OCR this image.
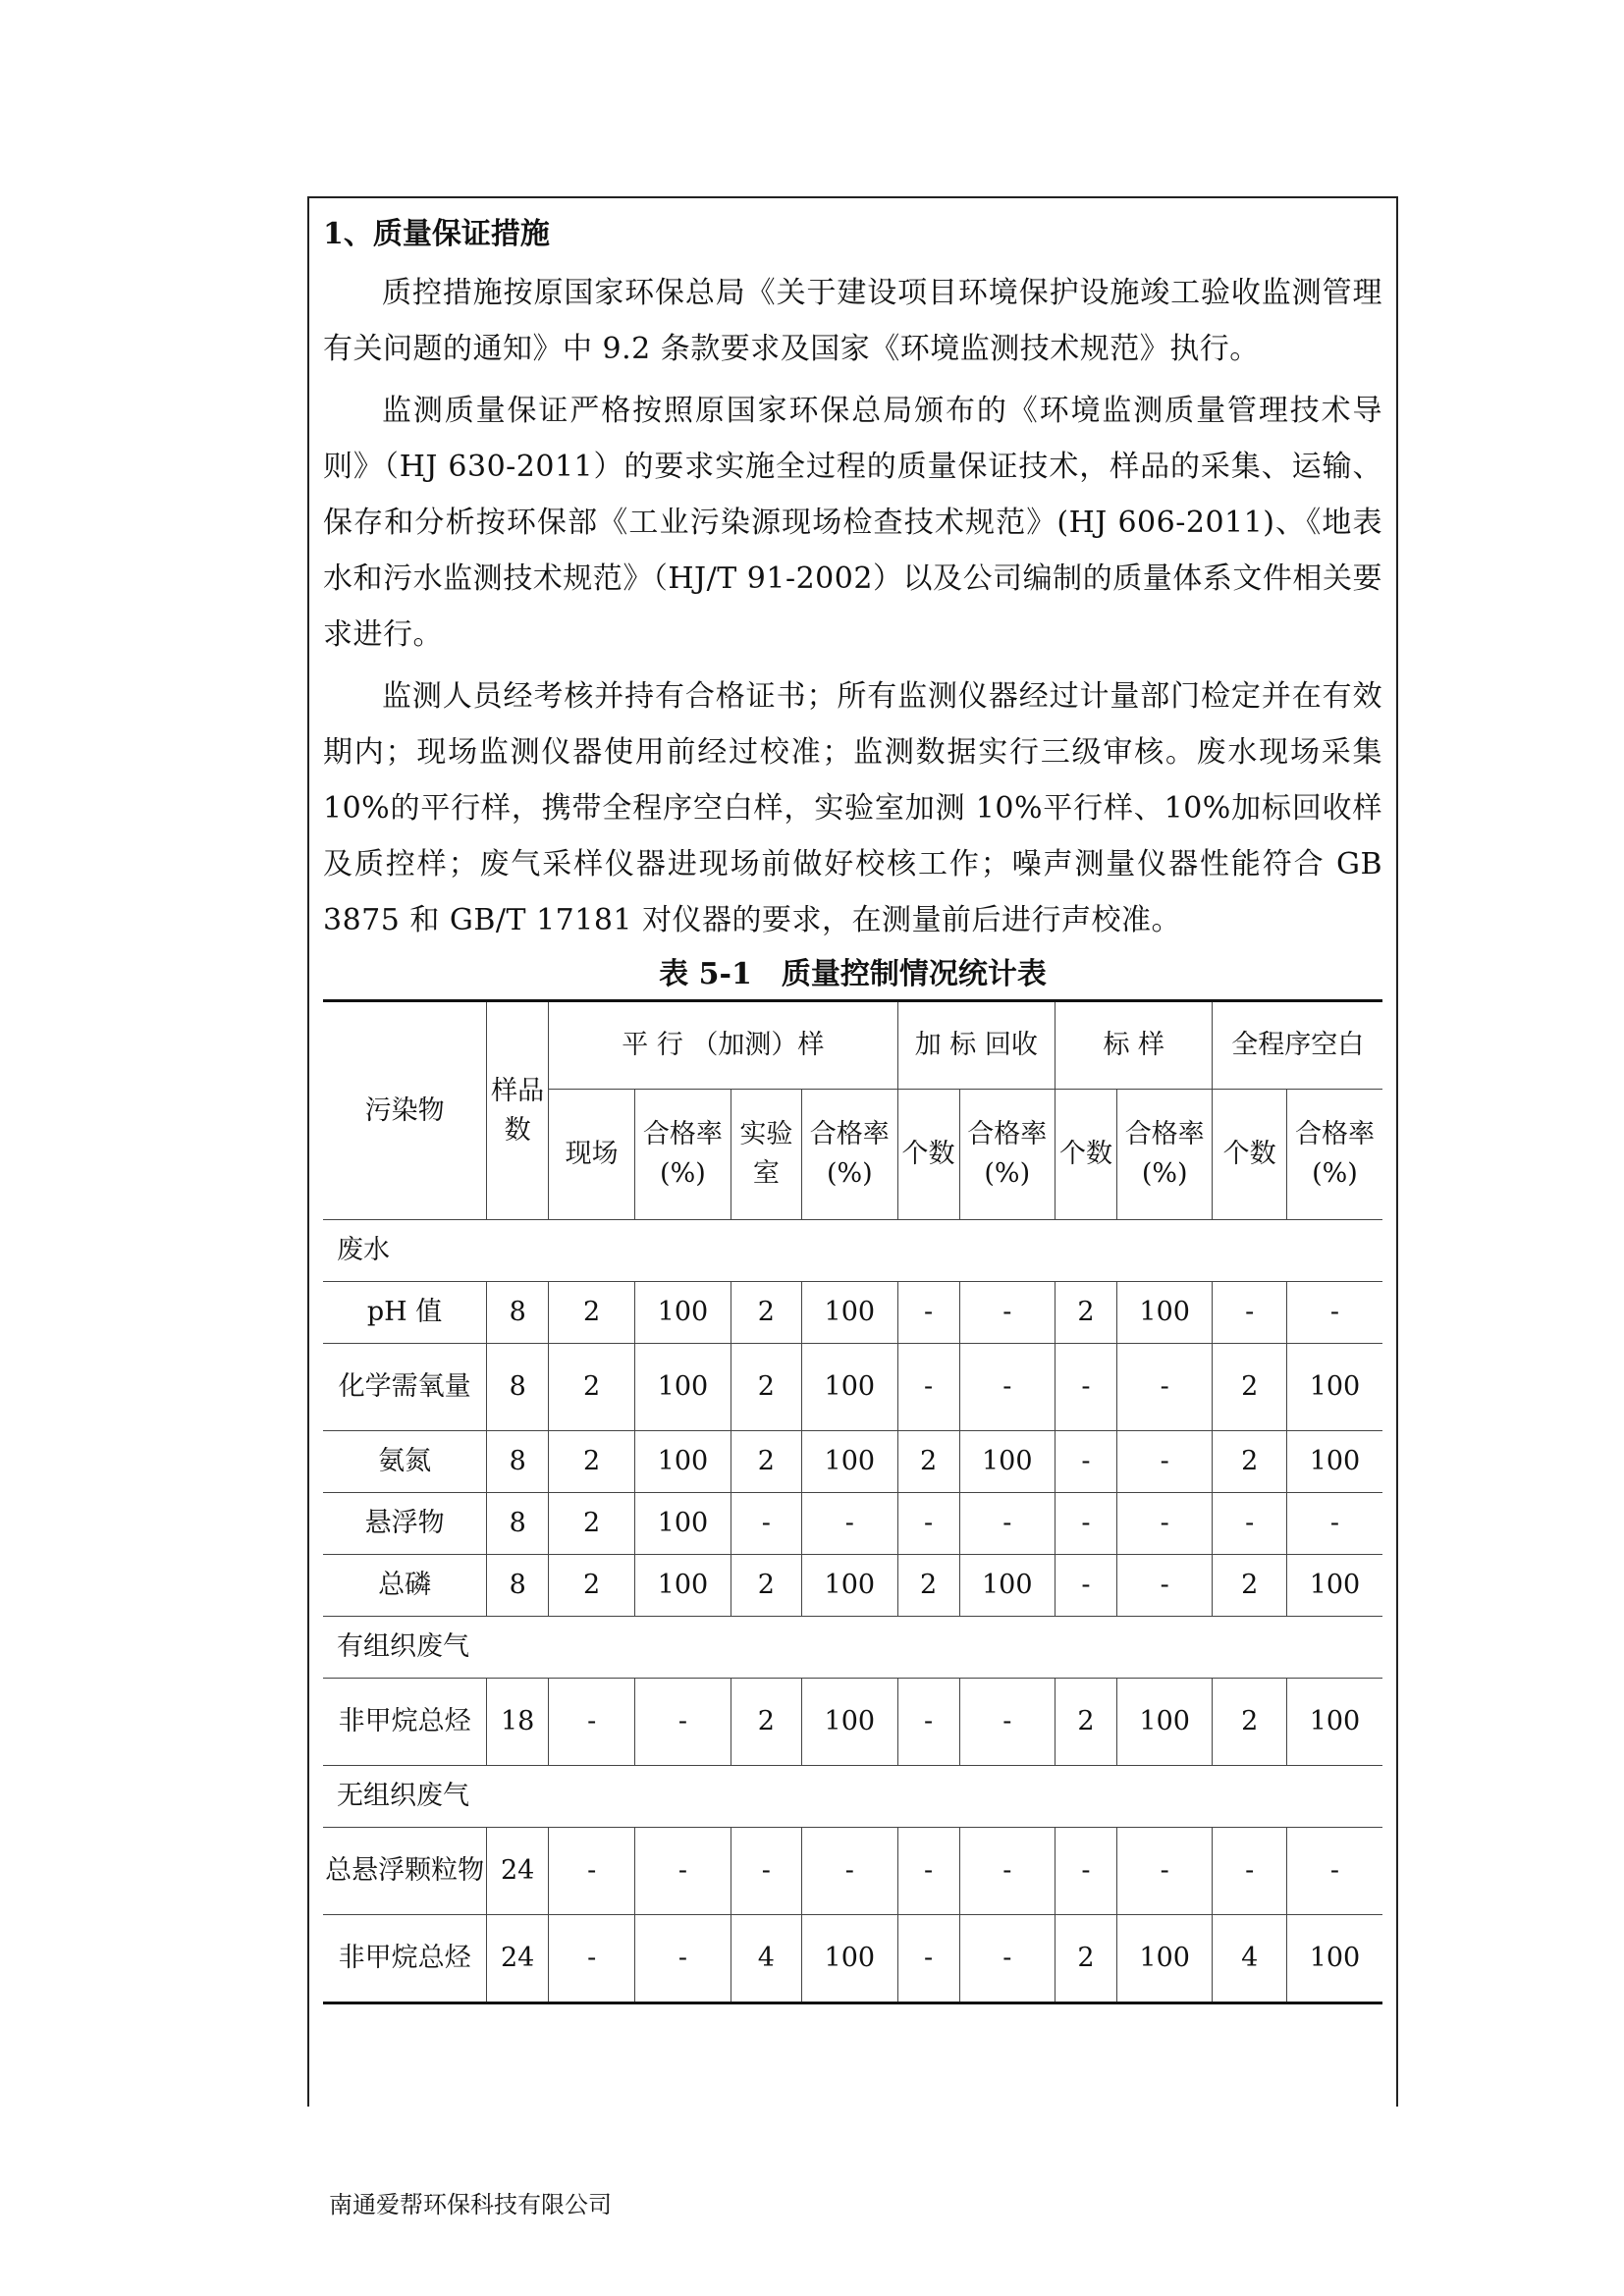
1、质量保证措施

质控措施按原国家环保总局《关于建设项目环境保护设施竣工验收监测管理有关问题的通知》中 9.2 条款要求及国家《环境监测技术规范》执行。

监测质量保证严格按照原国家环保总局颁布的《环境监测质量管理技术导则》（HJ 630-2011）的要求实施全过程的质量保证技术，样品的采集、运输、保存和分析按环保部《工业污染源现场检查技术规范》(HJ 606-2011)、《地表水和污水监测技术规范》（HJ/T 91-2002）以及公司编制的质量体系文件相关要求进行。

监测人员经考核并持有合格证书；所有监测仪器经过计量部门检定并在有效期内；现场监测仪器使用前经过校准；监测数据实行三级审核。废水现场采集 10%的平行样，携带全程序空白样，实验室加测 10%平行样、10%加标回收样及质控样；废气采样仪器进现场前做好校核工作；噪声测量仪器性能符合 GB 3875 和 GB/T 17181 对仪器的要求，在测量前后进行声校准。

表 5-1　质量控制情况统计表
污染物	样品数	平 行 （加测）样				加 标 回收		标 样		全程序空白	
		现场	合格率(%)	实验室	合格率(%)	个数	合格率(%)	个数	合格率(%)	个数	合格率(%)
废水											
pH 值	8	2	100	2	100	-	-	2	100	-	-
化学需氧量	8	2	100	2	100	-	-	-	-	2	100
氨氮	8	2	100	2	100	2	100	-	-	2	100
悬浮物	8	2	100	-	-	-	-	-	-	-	-
总磷	8	2	100	2	100	2	100	-	-	2	100
有组织废气											
非甲烷总烃	18	-	-	2	100	-	-	2	100	2	100
无组织废气											
总悬浮颗粒物	24	-	-	-	-	-	-	-	-	-	-
非甲烷总烃	24	-	-	4	100	-	-	2	100	4	100
南通爱帮环保科技有限公司
